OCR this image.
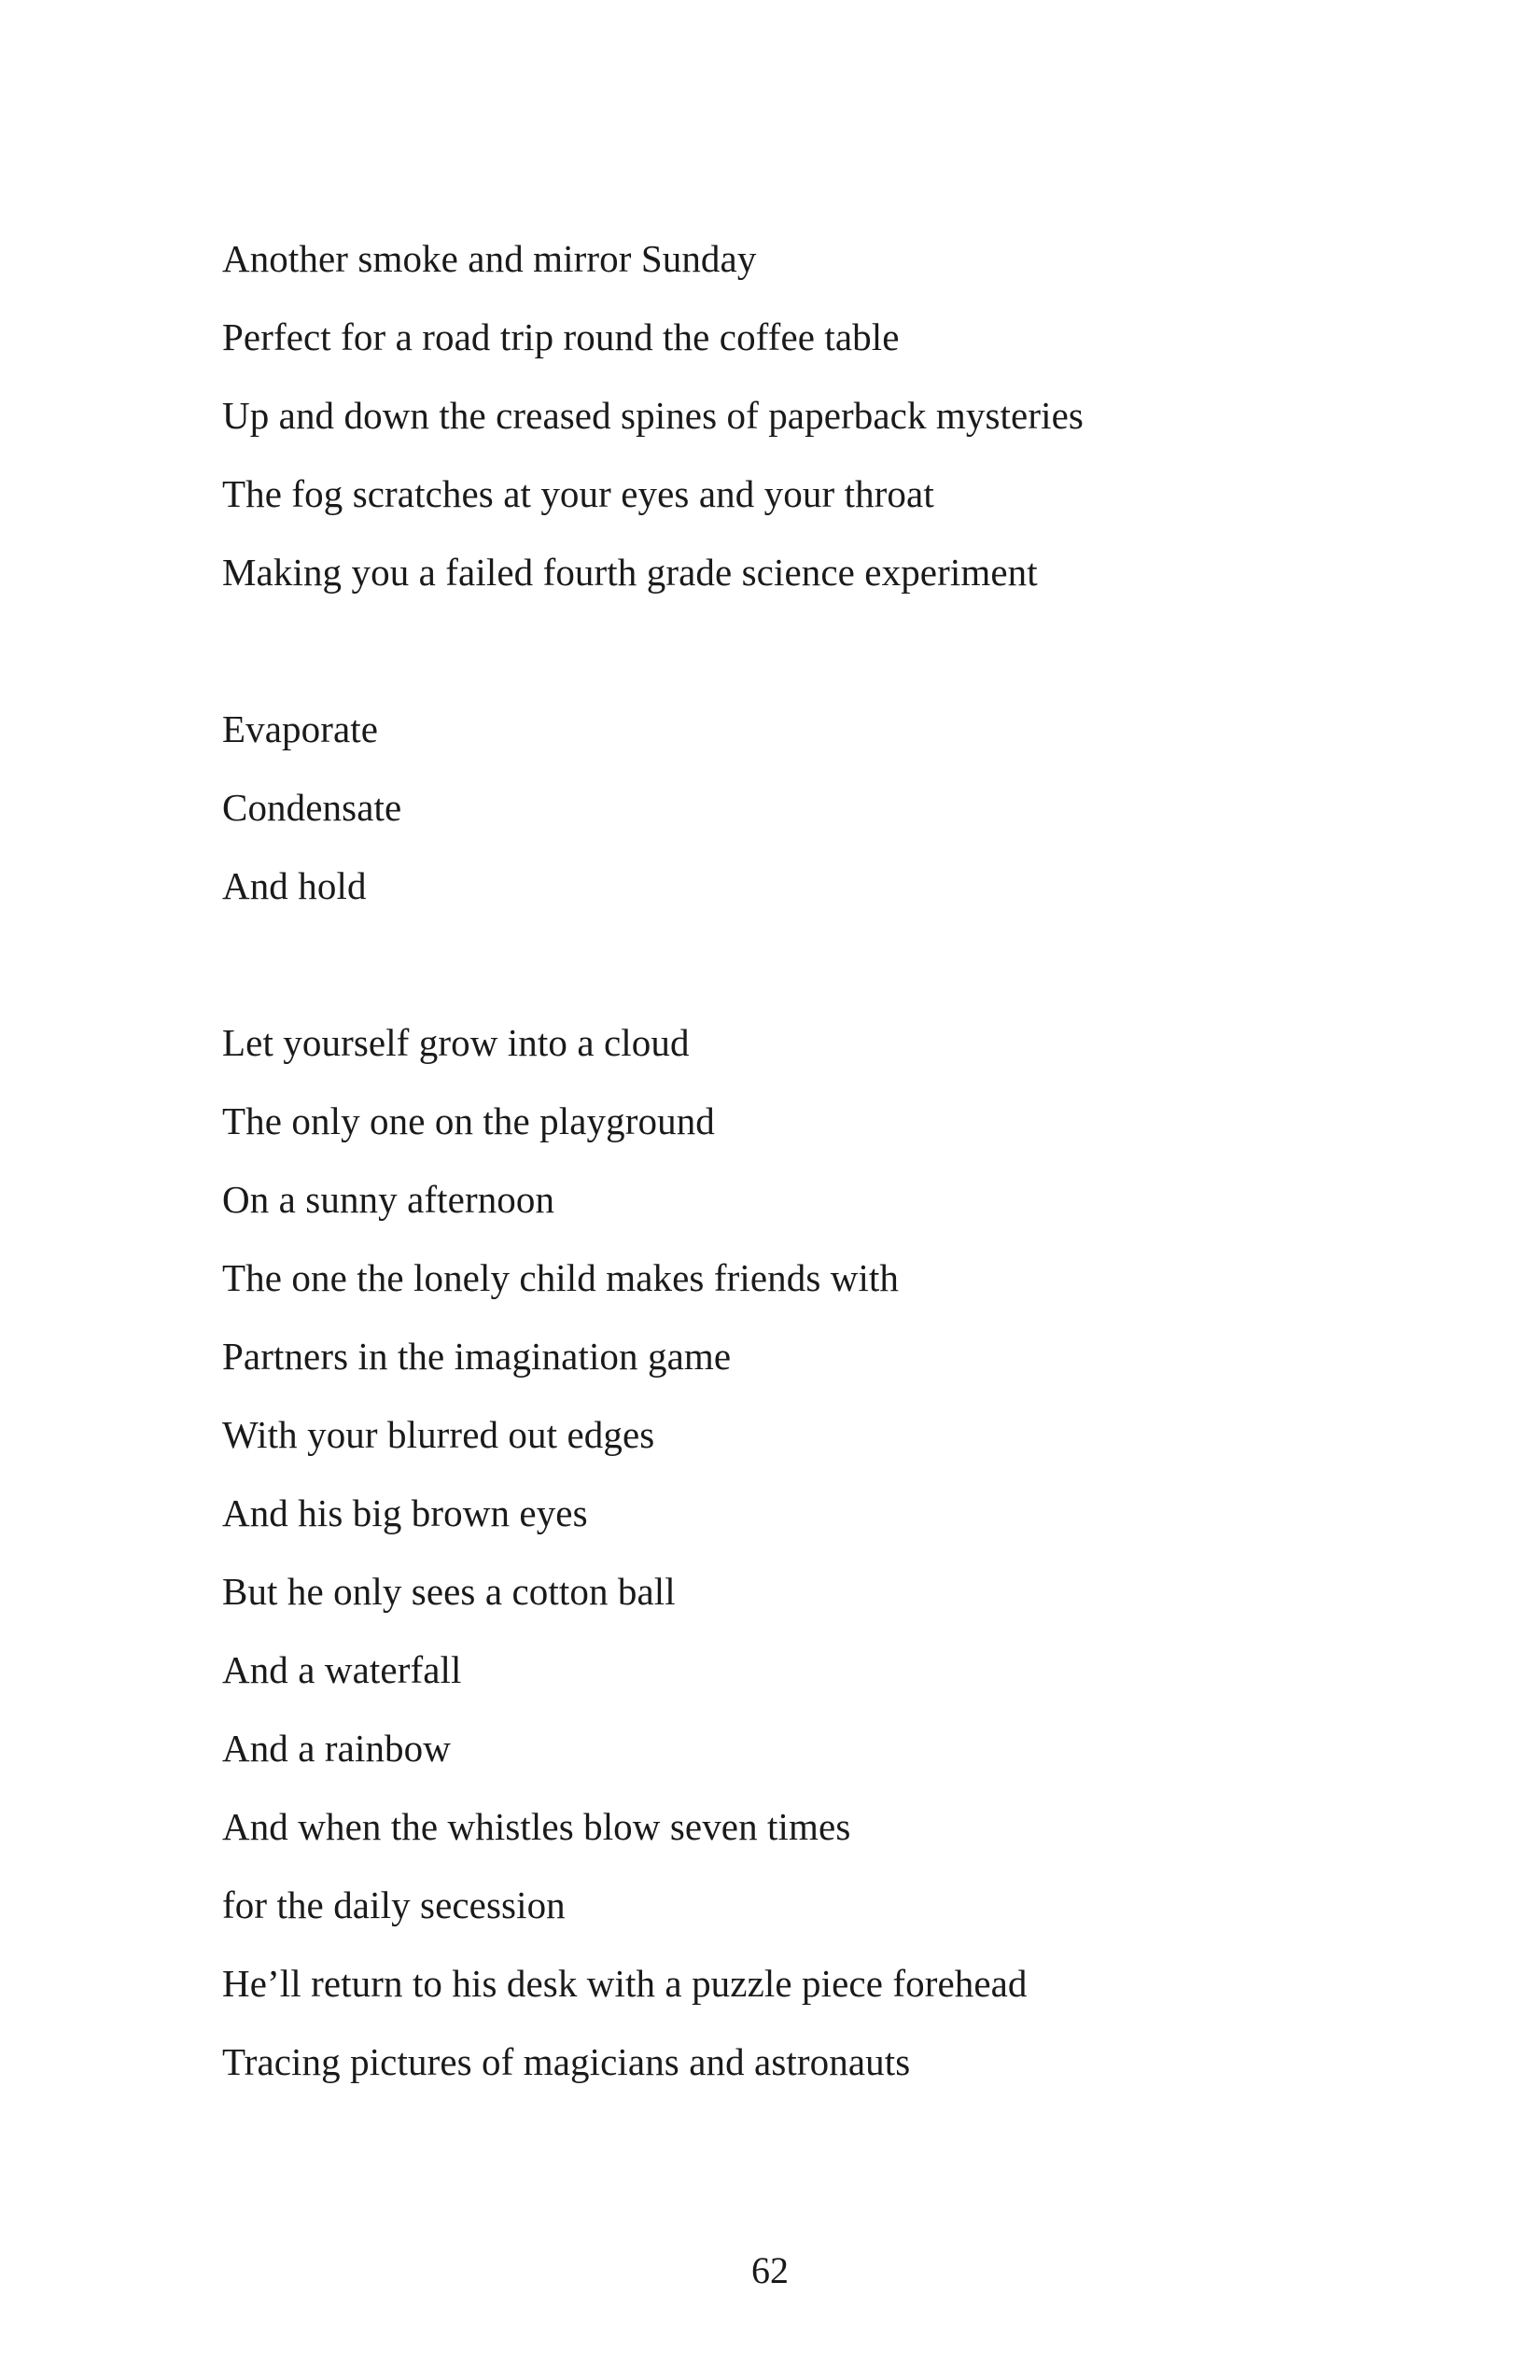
Another smoke and mirror Sunday
Perfect for a road trip round the coffee table
Up and down the creased spines of paperback mysteries
The fog scratches at your eyes and your throat
Making you a failed fourth grade science experiment
Evaporate
Condensate
And hold
Let yourself grow into a cloud
The only one on the playground
On a sunny afternoon
The one the lonely child makes friends with
Partners in the imagination game
With your blurred out edges
And his big brown eyes
But he only sees a cotton ball
And a waterfall
And a rainbow
And when the whistles blow seven times
for the daily secession
He’ll return to his desk with a puzzle piece forehead
Tracing pictures of magicians and astronauts
62
